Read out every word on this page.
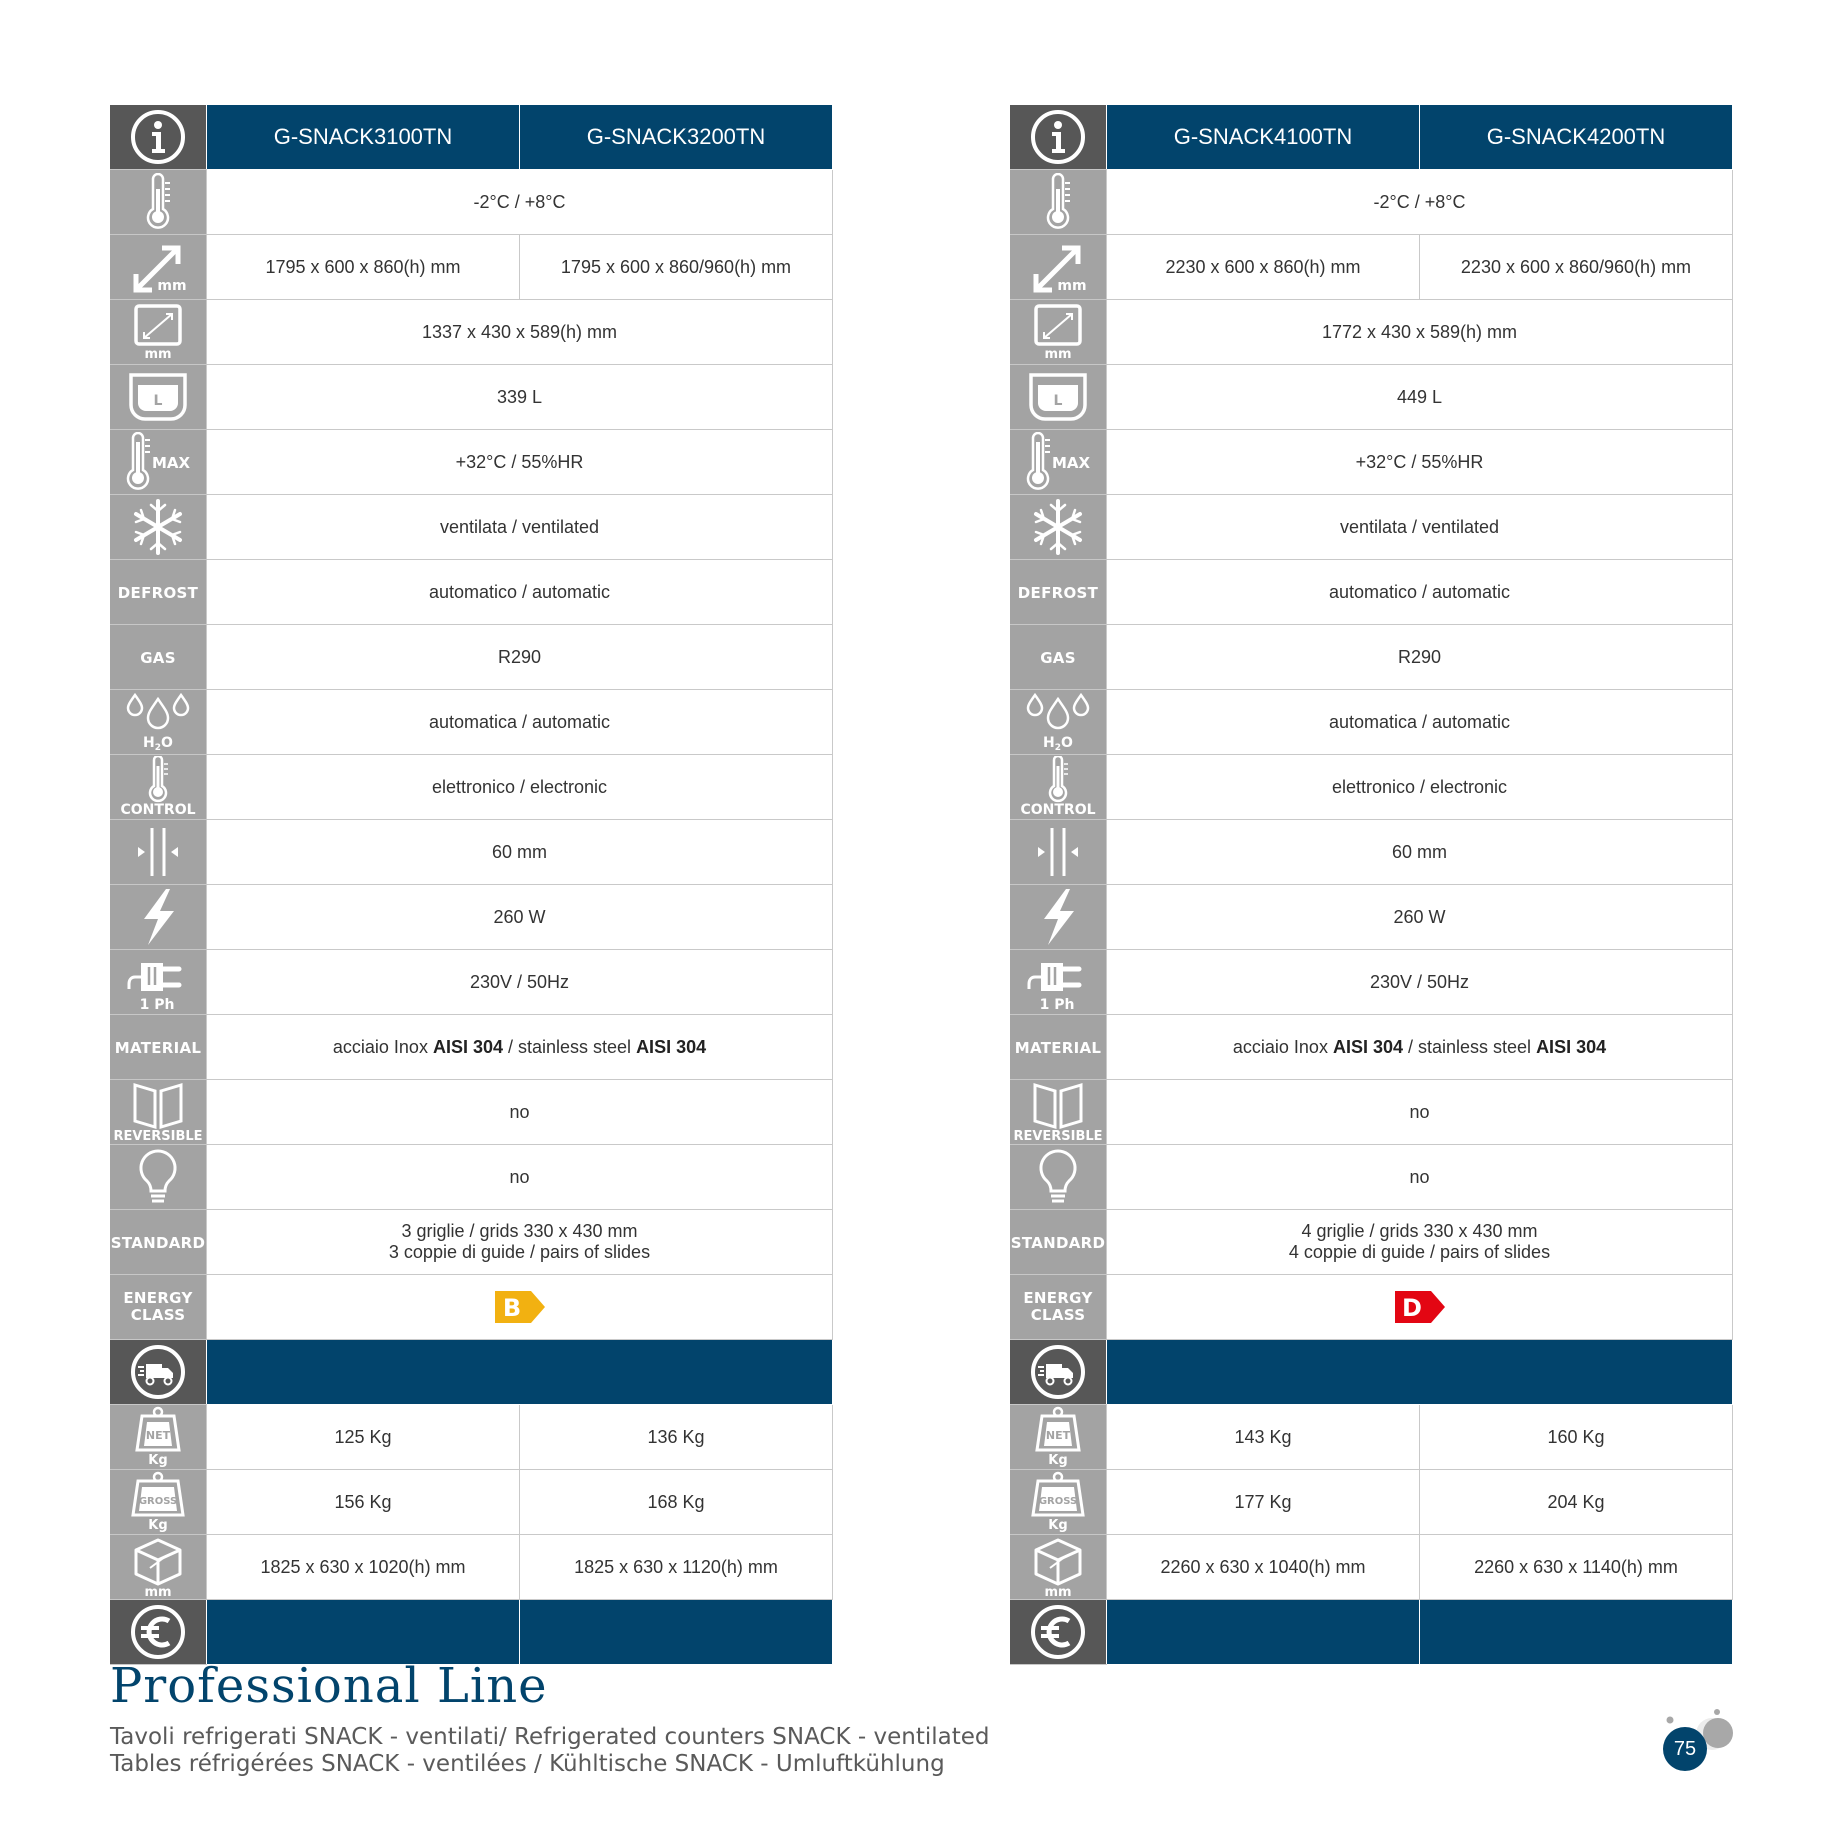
	G-SNACK3100TN	G-SNACK3200TN

	-2°C / +8°C	

mm	1795 x 600 x 860(h) mm	1795 x 600 x 860/960(h) mm

mm	1337 x 430 x 589(h) mm	

L	339 L	

MAX	+32°C / 55%HR	

	ventilata / ventilated	
DEFROST	automatico / automatic	
GAS	R290	

$H_2O$	automatica / automatic	

CONTROL	elettronico / electronic	

	60 mm	

	260 W	

1 Ph	230V / 50Hz	
MATERIAL	acciaio Inox AISI 304 / stainless steel AISI 304	

REVERSIBLE	no	

	no	
STANDARD	3 griglie / grids 330 x 430 mm
3 coppie di guide / pairs of slides	

ENERGY
CLASS	B	

NET
Kg	125 Kg	136 Kg

GROSS
Kg	156 Kg	168 Kg

mm	1825 x 630 x 1020(h) mm	1825 x 630 x 1120(h) mm

	G-SNACK4100TN	G-SNACK4200TN

	-2°C / +8°C	

mm	2230 x 600 x 860(h) mm	2230 x 600 x 860/960(h) mm

mm	1772 x 430 x 589(h) mm	

L	449 L	

MAX	+32°C / 55%HR	

	ventilata / ventilated	
DEFROST	automatico / automatic	
GAS	R290	

$H_2O$	automatica / automatic	

CONTROL	elettronico / electronic	

	60 mm	

	260 W	

1 Ph	230V / 50Hz	
MATERIAL	acciaio Inox AISI 304 / stainless steel AISI 304	

REVERSIBLE	no	

	no	
STANDARD	4 griglie / grids 330 x 430 mm
4 coppie di guide / pairs of slides	

ENERGY
CLASS	D	

NET
Kg	143 Kg	160 Kg

GROSS
Kg	177 Kg	204 Kg

mm	2260 x 630 x 1040(h) mm	2260 x 630 x 1140(h) mm

Professional Line
Tavoli refrigerati SNACK - ventilati/ Refrigerated counters SNACK - ventilated
Tables réfrigérées SNACK - ventilées / Kühltische SNACK - Umluftkühlung
75
